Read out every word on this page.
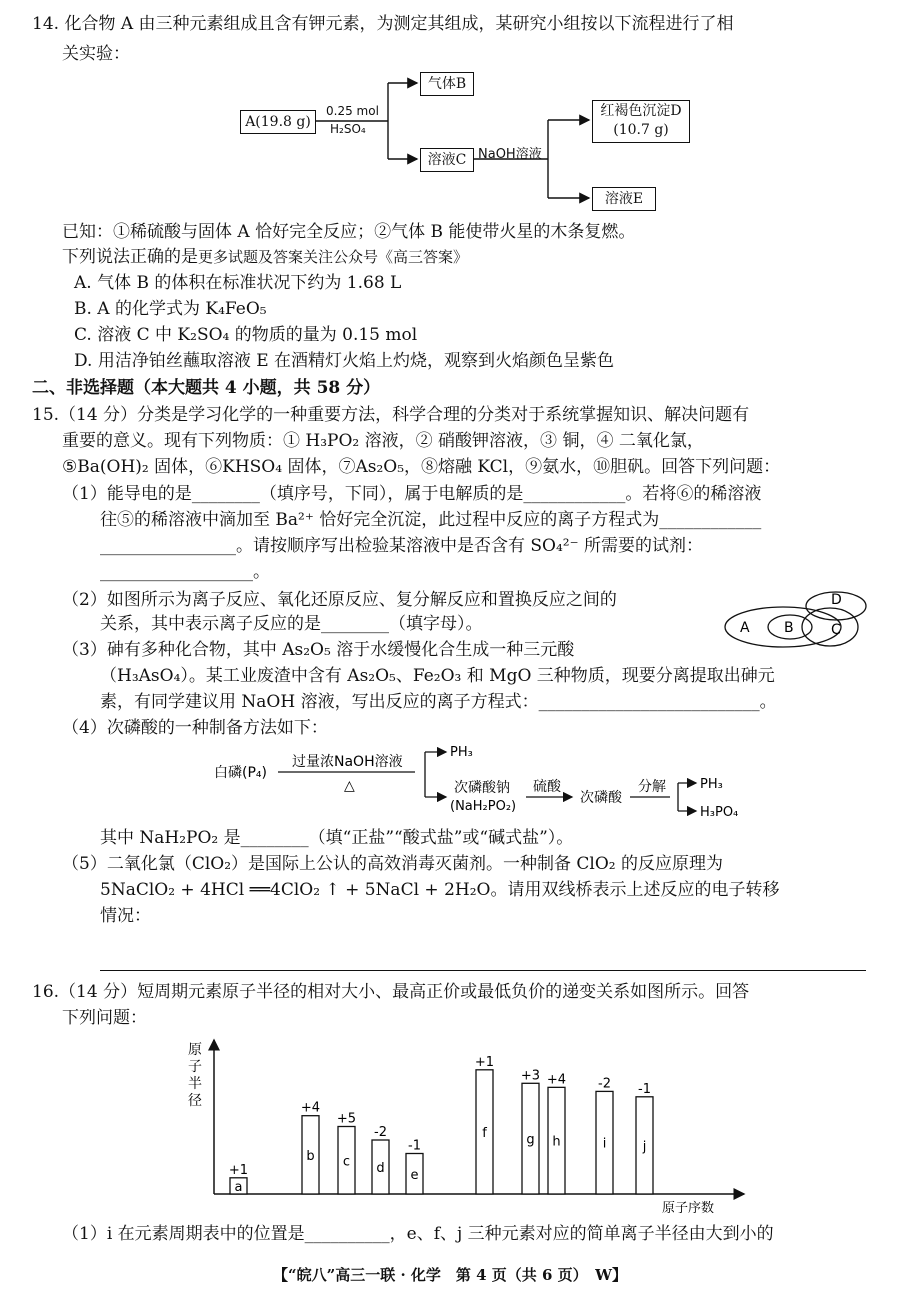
14. 化合物 A 由三种元素组成且含有钾元素，为测定其组成，某研究小组按以下流程进行了相
关实验：
A(19.8 g)
0.25 mol
H₂SO₄
气体B
溶液C NaOH溶液
红褐色沉淀D
(10.7 g)
溶液E
已知：①稀硫酸与固体 A 恰好完全反应；②气体 B 能使带火星的木条复燃。
下列说法正确的是更多试题及答案关注公众号《高三答案》
A. 气体 B 的体积在标准状况下约为 1.68 L
B. A 的化学式为 K₄FeO₅
C. 溶液 C 中 K₂SO₄ 的物质的量为 0.15 mol
D. 用洁净铂丝蘸取溶液 E 在酒精灯火焰上灼烧，观察到火焰颜色呈紫色
二、非选择题（本大题共 4 小题，共 58 分）
15.（14 分）分类是学习化学的一种重要方法，科学合理的分类对于系统掌握知识、解决问题有
重要的意义。现有下列物质：① H₃PO₂ 溶液，② 硝酸钾溶液，③ 铜，④ 二氧化氯，
⑤Ba(OH)₂ 固体，⑥KHSO₄ 固体，⑦As₂O₅，⑧熔融 KCl，⑨氨水，⑩胆矾。回答下列问题：
（1）能导电的是________（填序号，下同），属于电解质的是____________。若将⑥的稀溶液
往⑤的稀溶液中滴加至 Ba²⁺ 恰好完全沉淀，此过程中反应的离子方程式为____________
________________。请按顺序写出检验某溶液中是否含有 SO₄²⁻ 所需要的试剂：
__________________。
（2）如图所示为离子反应、氧化还原反应、复分解反应和置换反应之间的
关系，其中表示离子反应的是________（填字母）。
（3）砷有多种化合物，其中 As₂O₅ 溶于水缓慢化合生成一种三元酸
（H₃AsO₄）。某工业废渣中含有 As₂O₅、Fe₂O₃ 和 MgO 三种物质，现要分离提取出砷元
素，有同学建议用 NaOH 溶液，写出反应的离子方程式：__________________________。
（4）次磷酸的一种制备方法如下：
A B	C
D
白磷(P₄)
过量浓NaOH溶液
△
PH₃
次磷酸钠
(NaH₂PO₂)
硫酸
次磷酸
分解	PH₃
H₃PO₄
其中 NaH₂PO₂ 是________（填“正盐”“酸式盐”或“碱式盐”）。
（5）二氧化氯（ClO₂）是国际上公认的高效消毒灭菌剂。一种制备 ClO₂ 的反应原理为
5NaClO₂ + 4HCl ══4ClO₂ ↑ + 5NaCl + 2H₂O。请用双线桥表示上述反应的电子转移
情况：
16.（14 分）短周期元素原子半径的相对大小、最高正价或最低负价的递变关系如图所示。回答
下列问题：
原子半径
原子序数
a
+1
b
+4
c
+5
d
-2
e
-1
f
+1
g
+3
h
+4
i
-2
j
-1
（1）i 在元素周期表中的位置是__________，e、f、j 三种元素对应的简单离子半径由大到小的
【“皖八”高三一联 · 化学　第 4 页（共 6 页）　W】
